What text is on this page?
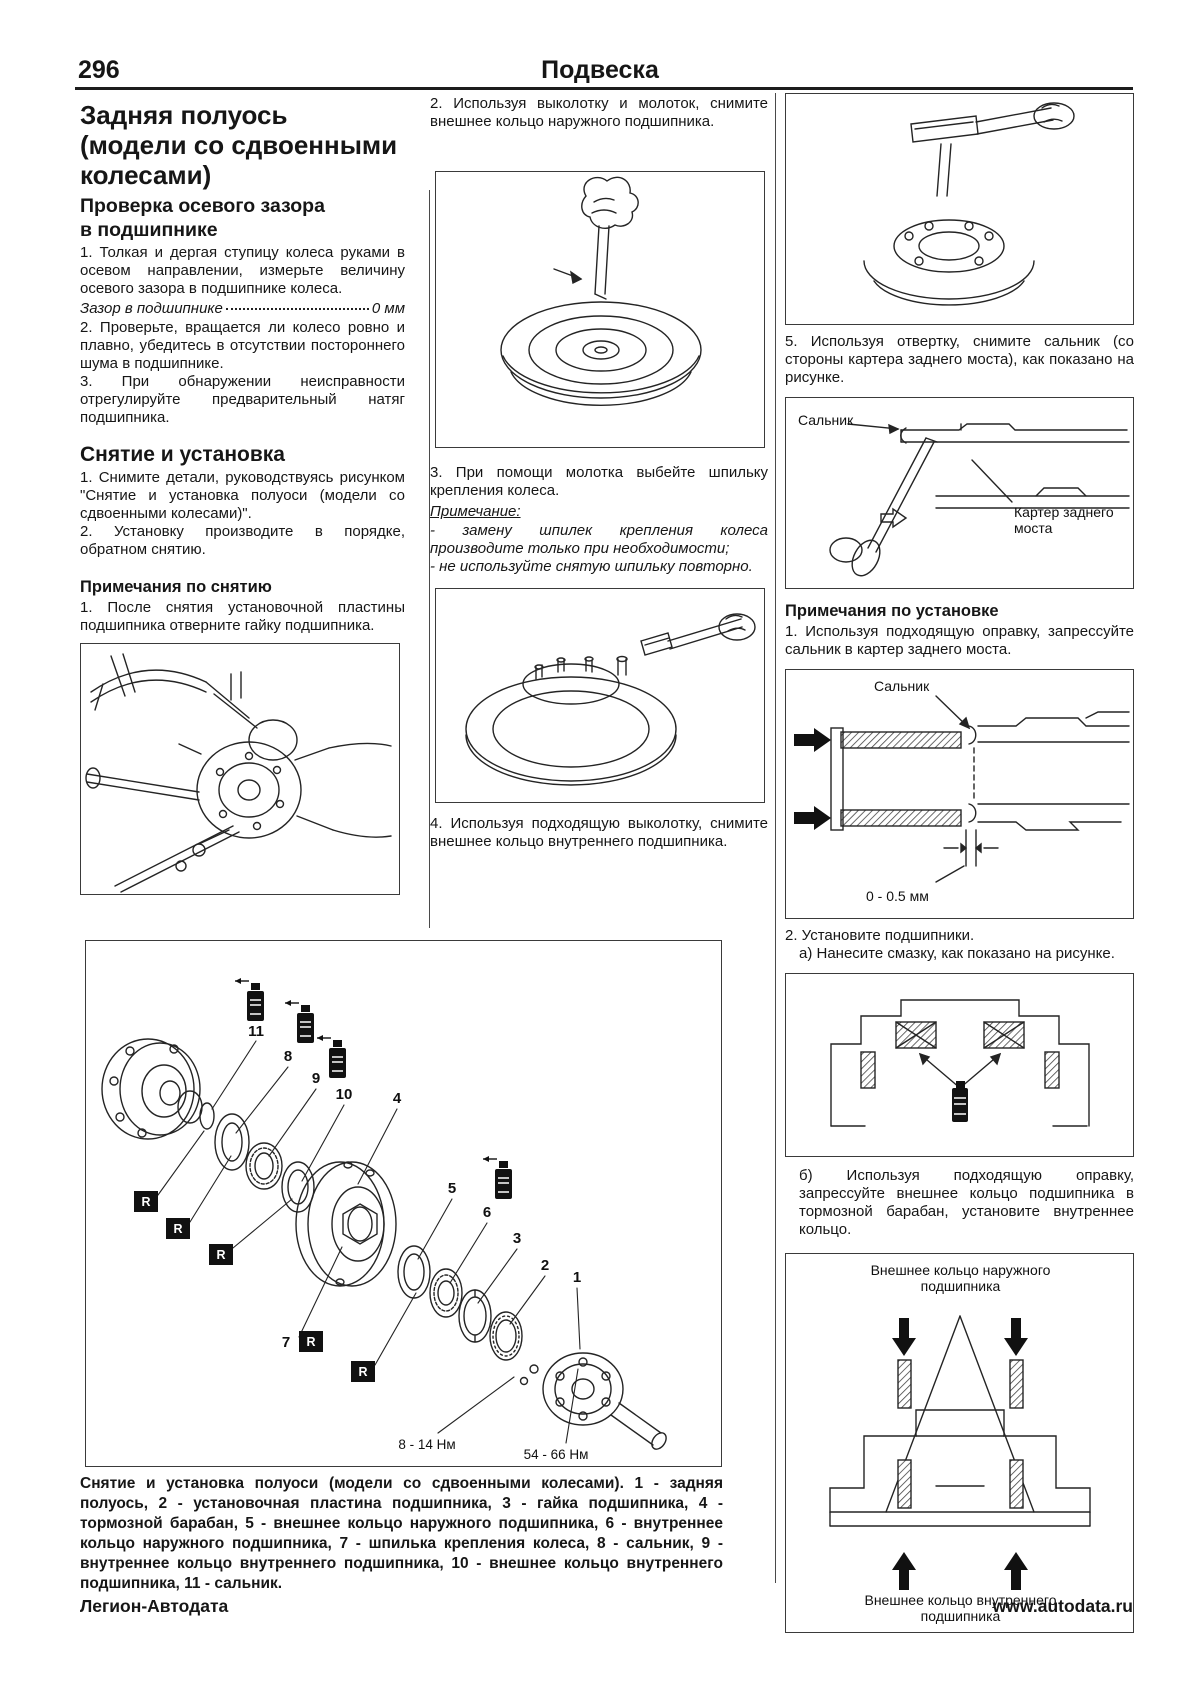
296	Подвеска
Задняя полуось
(модели со сдвоенными
колесами)
Проверка осевого зазора в подшипнике

1. Толкая и дергая ступицу колеса руками в осевом направлении, измерьте величину осевого зазора в подшипнике колеса.

Зазор в подшипнике	0 мм

2. Проверьте, вращается ли колесо ровно и плавно, убедитесь в отсутствии постороннего шума в подшипнике.

3. При обнаружении неисправности отрегулируйте предварительный натяг подшипника.

Снятие и установка

1. Снимите детали, руководствуясь рисунком "Снятие и установка полуоси (модели со сдвоенными колесами)".

2. Установку производите в порядке, обратном снятию.

Примечания по снятию

1. После снятия установочной пластины подшипника отверните гайку подшипника.

2. Используя выколотку и молоток, снимите внешнее кольцо наружного подшипника.

3. При помощи молотка выбейте шпильку крепления колеса.

Примечание:

- замену шпилек крепления колеса производите только при необходимости;

- не используйте снятую шпильку повторно.

4. Используя подходящую выколотку, снимите внешнее кольцо внутреннего подшипника.

5. Используя отвертку, снимите сальник (со стороны картера заднего моста), как показано на рисунке.

Сальник
Картер заднего моста
Примечания по установке

1. Используя подходящую оправку, запрессуйте сальник в картер заднего моста.

Сальник
0 - 0.5 мм

2. Установите подшипники.

а) Нанесите смазку, как показано на рисунке.

б) Используя подходящую оправку, запрессуйте внешнее кольцо подшипника в тормозной барабан, установите внутреннее кольцо.

Внешнее кольцо наружного подшипника
Внешнее кольцо внутреннего подшипника
11
8
9
10	4
5
6
3
2
1
7
R
R
R
R
R
8 - 14 Нм
54 - 66 Нм

Снятие и установка полуоси (модели со сдвоенными колесами). 1 - задняя полуось, 2 - установочная пластина подшипника, 3 - гайка подшипника, 4 - тормозной барабан, 5 - внешнее кольцо наружного подшипника, 6 - внутреннее кольцо наружного подшипника, 7 - шпилька крепления колеса, 8 - сальник, 9 - внутреннее кольцо внутреннего подшипника, 10 - внешнее кольцо внутреннего подшипника, 11 - сальник.

Легион-Автодата	www.autodata.ru
